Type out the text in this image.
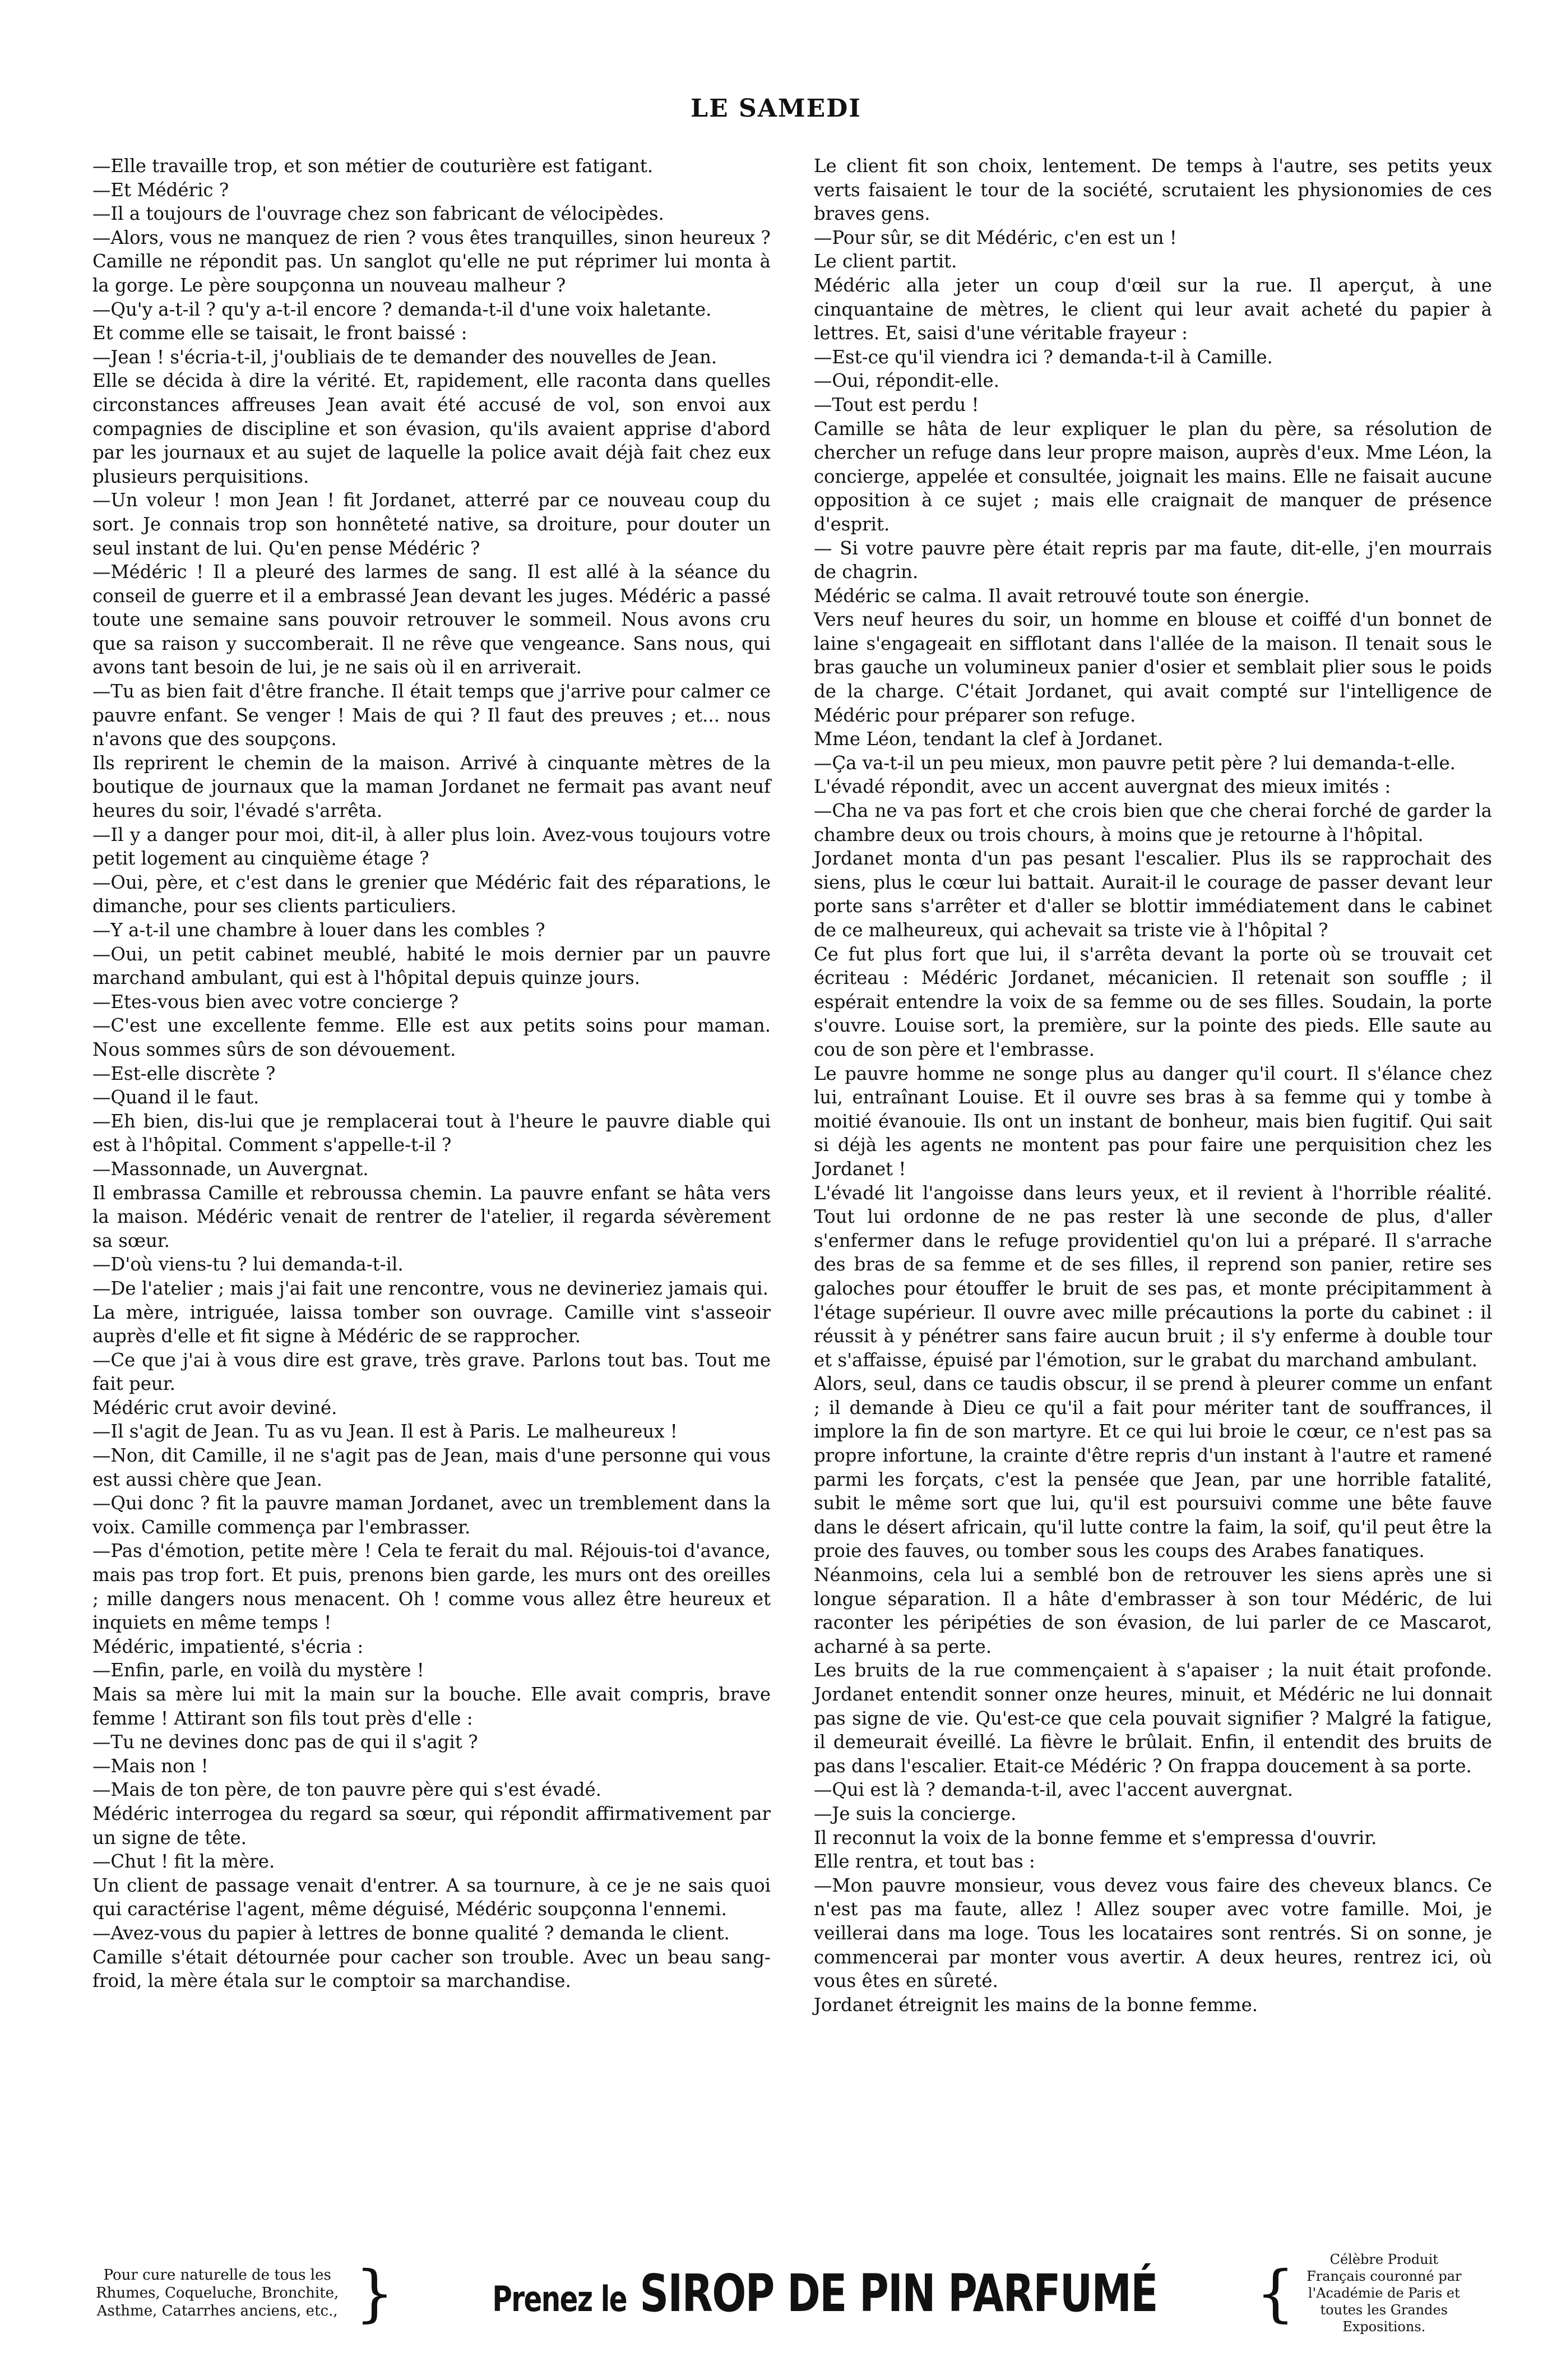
LE SAMEDI

—Elle travaille trop, et son métier de couturière est fatigant.

—Et Médéric ?

—Il a toujours de l'ouvrage chez son fabricant de vélocipèdes.

—Alors, vous ne manquez de rien ? vous êtes tranquilles, sinon heureux ?

Camille ne répondit pas. Un sanglot qu'elle ne put réprimer lui monta à la gorge. Le père soupçonna un nouveau malheur ?

—Qu'y a-t-il ? qu'y a-t-il encore ? demanda-t-il d'une voix haletante.

Et comme elle se taisait, le front baissé :

—Jean ! s'écria-t-il, j'oubliais de te demander des nouvelles de Jean.

Elle se décida à dire la vérité. Et, rapidement, elle raconta dans quelles circonstances affreuses Jean avait été accusé de vol, son envoi aux compagnies de discipline et son évasion, qu'ils avaient apprise d'abord par les journaux et au sujet de laquelle la police avait déjà fait chez eux plusieurs perquisitions.

—Un voleur ! mon Jean ! fit Jordanet, atterré par ce nouveau coup du sort. Je connais trop son honnêteté native, sa droiture, pour douter un seul instant de lui. Qu'en pense Médéric ?

—Médéric ! Il a pleuré des larmes de sang. Il est allé à la séance du conseil de guerre et il a embrassé Jean devant les juges. Médéric a passé toute une semaine sans pouvoir retrouver le sommeil. Nous avons cru que sa raison y succomberait. Il ne rêve que vengeance. Sans nous, qui avons tant besoin de lui, je ne sais où il en arriverait.

—Tu as bien fait d'être franche. Il était temps que j'arrive pour calmer ce pauvre enfant. Se venger ! Mais de qui ? Il faut des preuves ; et... nous n'avons que des soupçons.

Ils reprirent le chemin de la maison. Arrivé à cinquante mètres de la boutique de journaux que la maman Jordanet ne fermait pas avant neuf heures du soir, l'évadé s'arrêta.

—Il y a danger pour moi, dit-il, à aller plus loin. Avez-vous toujours votre petit logement au cinquième étage ?

—Oui, père, et c'est dans le grenier que Médéric fait des réparations, le dimanche, pour ses clients particuliers.

—Y a-t-il une chambre à louer dans les combles ?

—Oui, un petit cabinet meublé, habité le mois dernier par un pauvre marchand ambulant, qui est à l'hôpital depuis quinze jours.

—Etes-vous bien avec votre concierge ?

—C'est une excellente femme. Elle est aux petits soins pour maman. Nous sommes sûrs de son dévouement.

—Est-elle discrète ?

—Quand il le faut.

—Eh bien, dis-lui que je remplacerai tout à l'heure le pauvre diable qui est à l'hôpital. Comment s'appelle-t-il ?

—Massonnade, un Auvergnat.

Il embrassa Camille et rebroussa chemin. La pauvre enfant se hâta vers la maison. Médéric venait de rentrer de l'atelier, il regarda sévèrement sa sœur.

—D'où viens-tu ? lui demanda-t-il.

—De l'atelier ; mais j'ai fait une rencontre, vous ne devineriez jamais qui.

La mère, intriguée, laissa tomber son ouvrage. Camille vint s'asseoir auprès d'elle et fit signe à Médéric de se rapprocher.

—Ce que j'ai à vous dire est grave, très grave. Parlons tout bas. Tout me fait peur.

Médéric crut avoir deviné.

—Il s'agit de Jean. Tu as vu Jean. Il est à Paris. Le malheureux !

—Non, dit Camille, il ne s'agit pas de Jean, mais d'une personne qui vous est aussi chère que Jean.

—Qui donc ? fit la pauvre maman Jordanet, avec un tremblement dans la voix. Camille commença par l'embrasser.

—Pas d'émotion, petite mère ! Cela te ferait du mal. Réjouis-toi d'avance, mais pas trop fort. Et puis, prenons bien garde, les murs ont des oreilles ; mille dangers nous menacent. Oh ! comme vous allez être heureux et inquiets en même temps !

Médéric, impatienté, s'écria :

—Enfin, parle, en voilà du mystère !

Mais sa mère lui mit la main sur la bouche. Elle avait compris, brave femme ! Attirant son fils tout près d'elle :

—Tu ne devines donc pas de qui il s'agit ?

—Mais non !

—Mais de ton père, de ton pauvre père qui s'est évadé.

Médéric interrogea du regard sa sœur, qui répondit affirmativement par un signe de tête.

—Chut ! fit la mère.

Un client de passage venait d'entrer. A sa tournure, à ce je ne sais quoi qui caractérise l'agent, même déguisé, Médéric soupçonna l'ennemi.

—Avez-vous du papier à lettres de bonne qualité ? demanda le client.

Camille s'était détournée pour cacher son trouble. Avec un beau sang-froid, la mère étala sur le comptoir sa marchandise.

Le client fit son choix, lentement. De temps à l'autre, ses petits yeux verts faisaient le tour de la société, scrutaient les physionomies de ces braves gens.

—Pour sûr, se dit Médéric, c'en est un !

Le client partit.

Médéric alla jeter un coup d'œil sur la rue. Il aperçut, à une cinquantaine de mètres, le client qui leur avait acheté du papier à lettres. Et, saisi d'une véritable frayeur :

—Est-ce qu'il viendra ici ? demanda-t-il à Camille.

—Oui, répondit-elle.

—Tout est perdu !

Camille se hâta de leur expliquer le plan du père, sa résolution de chercher un refuge dans leur propre maison, auprès d'eux. Mme Léon, la concierge, appelée et consultée, joignait les mains. Elle ne faisait aucune opposition à ce sujet ; mais elle craignait de manquer de présence d'esprit.

— Si votre pauvre père était repris par ma faute, dit-elle, j'en mourrais de chagrin.

Médéric se calma. Il avait retrouvé toute son énergie.

Vers neuf heures du soir, un homme en blouse et coiffé d'un bonnet de laine s'engageait en sifflotant dans l'allée de la maison. Il tenait sous le bras gauche un volumineux panier d'osier et semblait plier sous le poids de la charge. C'était Jordanet, qui avait compté sur l'intelligence de Médéric pour préparer son refuge.

Mme Léon, tendant la clef à Jordanet.

—Ça va-t-il un peu mieux, mon pauvre petit père ? lui demanda-t-elle.

L'évadé répondit, avec un accent auvergnat des mieux imités :

—Cha ne va pas fort et che crois bien que che cherai forché de garder la chambre deux ou trois chours, à moins que je retourne à l'hôpital.

Jordanet monta d'un pas pesant l'escalier. Plus ils se rapprochait des siens, plus le cœur lui battait. Aurait-il le courage de passer devant leur porte sans s'arrêter et d'aller se blottir immédiatement dans le cabinet de ce malheureux, qui achevait sa triste vie à l'hôpital ?

Ce fut plus fort que lui, il s'arrêta devant la porte où se trouvait cet écriteau : Médéric Jordanet, mécanicien. Il retenait son souffle ; il espérait entendre la voix de sa femme ou de ses filles. Soudain, la porte s'ouvre. Louise sort, la première, sur la pointe des pieds. Elle saute au cou de son père et l'embrasse.

Le pauvre homme ne songe plus au danger qu'il court. Il s'élance chez lui, entraînant Louise. Et il ouvre ses bras à sa femme qui y tombe à moitié évanouie. Ils ont un instant de bonheur, mais bien fugitif. Qui sait si déjà les agents ne montent pas pour faire une perquisition chez les Jordanet !

L'évadé lit l'angoisse dans leurs yeux, et il revient à l'horrible réalité. Tout lui ordonne de ne pas rester là une seconde de plus, d'aller s'enfermer dans le refuge providentiel qu'on lui a préparé. Il s'arrache des bras de sa femme et de ses filles, il reprend son panier, retire ses galoches pour étouffer le bruit de ses pas, et monte précipitamment à l'étage supérieur. Il ouvre avec mille précautions la porte du cabinet : il réussit à y pénétrer sans faire aucun bruit ; il s'y enferme à double tour et s'affaisse, épuisé par l'émotion, sur le grabat du marchand ambulant.

Alors, seul, dans ce taudis obscur, il se prend à pleurer comme un enfant ; il demande à Dieu ce qu'il a fait pour mériter tant de souffrances, il implore la fin de son martyre. Et ce qui lui broie le cœur, ce n'est pas sa propre infortune, la crainte d'être repris d'un instant à l'autre et ramené parmi les forçats, c'est la pensée que Jean, par une horrible fatalité, subit le même sort que lui, qu'il est poursuivi comme une bête fauve dans le désert africain, qu'il lutte contre la faim, la soif, qu'il peut être la proie des fauves, ou tomber sous les coups des Arabes fanatiques.

Néanmoins, cela lui a semblé bon de retrouver les siens après une si longue séparation. Il a hâte d'embrasser à son tour Médéric, de lui raconter les péripéties de son évasion, de lui parler de ce Mascarot, acharné à sa perte.

Les bruits de la rue commençaient à s'apaiser ; la nuit était profonde. Jordanet entendit sonner onze heures, minuit, et Médéric ne lui donnait pas signe de vie. Qu'est-ce que cela pouvait signifier ? Malgré la fatigue, il demeurait éveillé. La fièvre le brûlait. Enfin, il entendit des bruits de pas dans l'escalier. Etait-ce Médéric ? On frappa doucement à sa porte.

—Qui est là ? demanda-t-il, avec l'accent auvergnat.

—Je suis la concierge.

Il reconnut la voix de la bonne femme et s'empressa d'ouvrir.

Elle rentra, et tout bas :

—Mon pauvre monsieur, vous devez vous faire des cheveux blancs. Ce n'est pas ma faute, allez ! Allez souper avec votre famille. Moi, je veillerai dans ma loge. Tous les locataires sont rentrés. Si on sonne, je commencerai par monter vous avertir. A deux heures, rentrez ici, où vous êtes en sûreté.

Jordanet étreignit les mains de la bonne femme.

Pour cure naturelle de tous les Rhumes, Coqueluche, Bronchite, Asthme, Catarrhes anciens, etc., }	Prenez le SIROP DE PIN PARFUMÉ {	Célèbre Produit Français couronné par l'Académie de Paris et toutes les Grandes Expositions.
